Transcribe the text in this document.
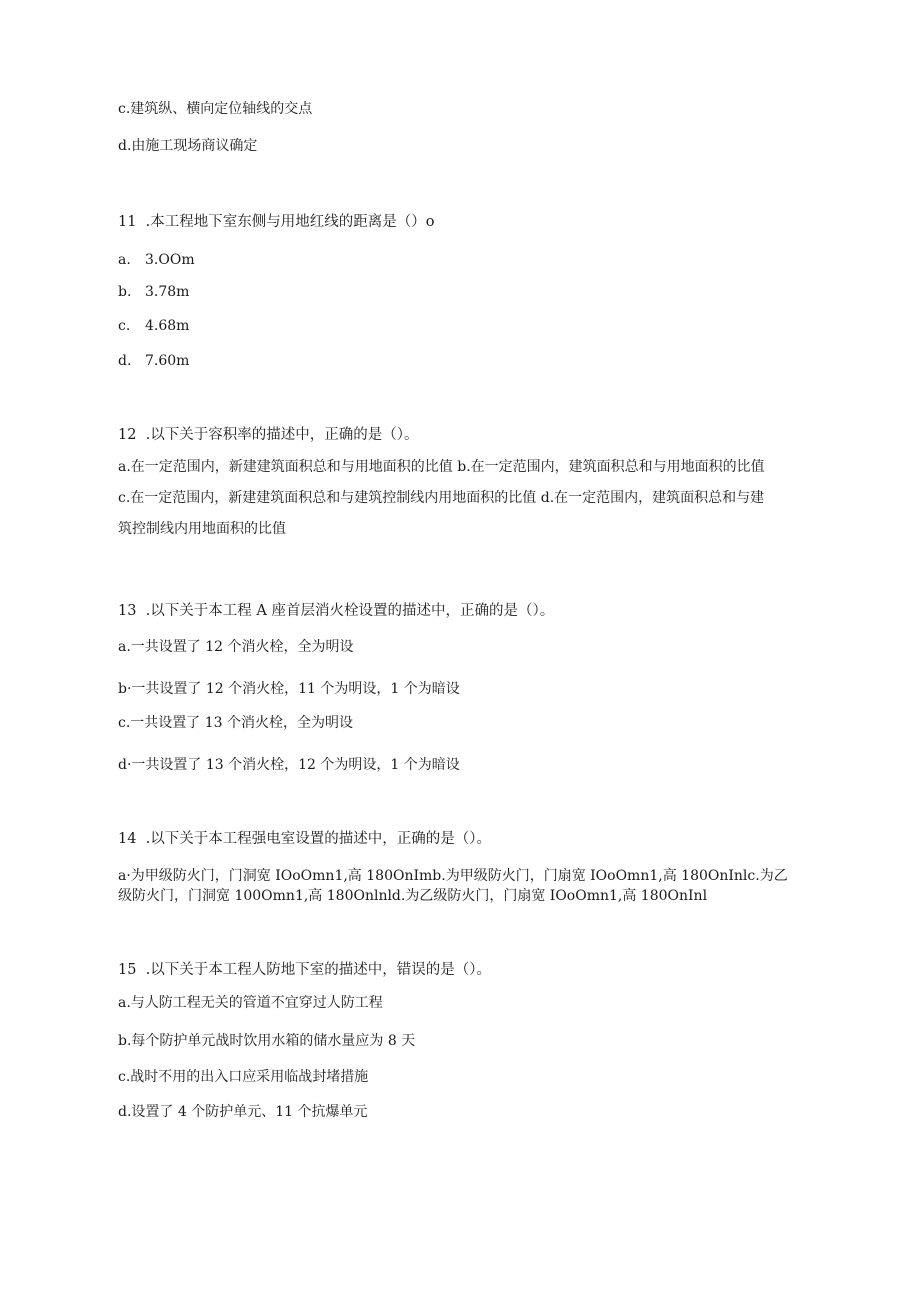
c.建筑纵、横向定位轴线的交点
d.由施工现场商议确定
11  .本工程地下室东侧与用地红线的距离是（）o
a. 3.OOm
b. 3.78m
c. 4.68m
d. 7.60m
12  .以下关于容积率的描述中，正确的是（）。
a.在一定范围内，新建建筑面积总和与用地面积的比值 b.在一定范围内，建筑面积总和与用地面积的比值 c.在一定范围内，新建建筑面积总和与建筑控制线内用地面积的比值 d.在一定范围内，建筑面积总和与建筑控制线内用地面积的比值
13  .以下关于本工程 A 座首层消火栓设置的描述中，正确的是（）。
a.一共设置了 12 个消火栓，全为明设
b·一共设置了 12 个消火栓，11 个为明设，1 个为暗设
c.一共设置了 13 个消火栓，全为明设
d·一共设置了 13 个消火栓，12 个为明设，1 个为暗设
14  .以下关于本工程强电室设置的描述中，正确的是（）。
a·为甲级防火门，门洞宽 IOoOmn1,高 180OnImb.为甲级防火门，门扇宽 IOoOmn1,高 180OnInlc.为乙级防火门，门洞宽 100Omn1,高 180Onlnld.为乙级防火门，门扇宽 IOoOmn1,高 180OnInl
15  .以下关于本工程人防地下室的描述中，错误的是（）。
a.与人防工程无关的管道不宜穿过人防工程
b.每个防护单元战时饮用水箱的储水量应为 8 天
c.战时不用的出入口应采用临战封堵措施
d.设置了 4 个防护单元、11 个抗爆单元
